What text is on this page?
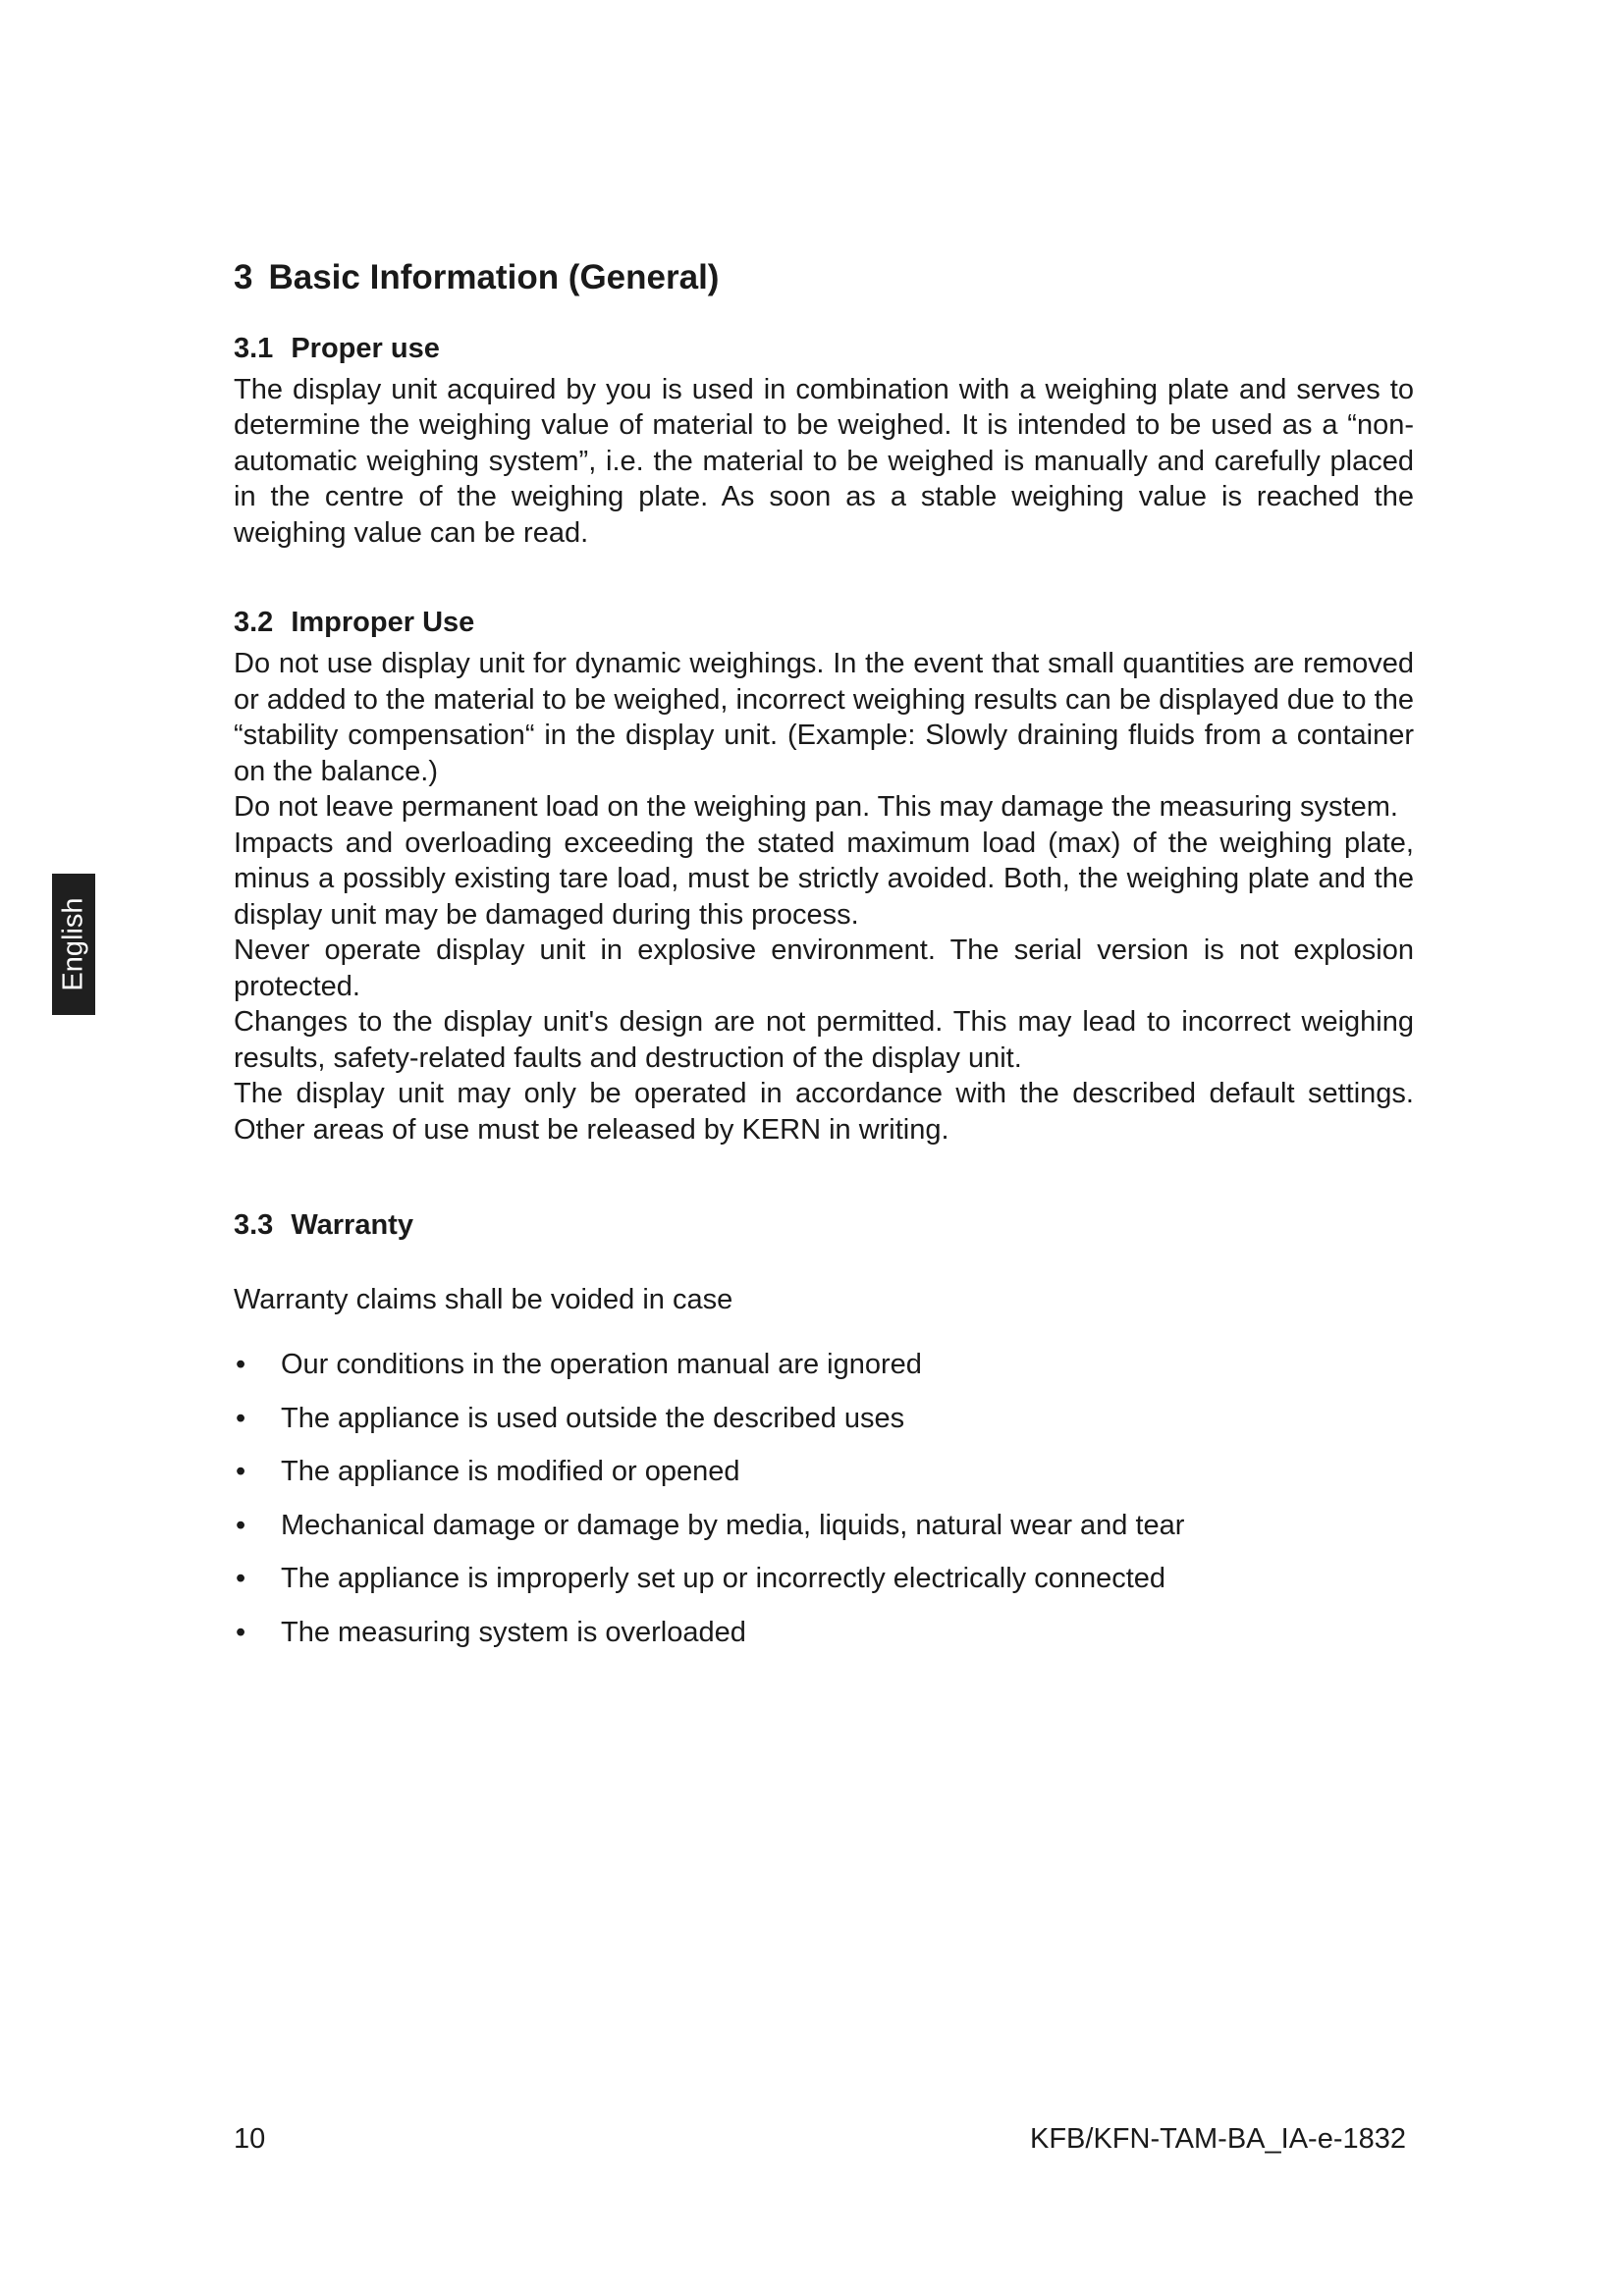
English
3 Basic Information (General)
3.1 Proper use

The display unit acquired by you is used in combination with a weighing plate and serves to determine the weighing value of material to be weighed. It is intended to be used as a “non-automatic weighing system”, i.e. the material to be weighed is manually and carefully placed in the centre of the weighing plate. As soon as a stable weighing value is reached the weighing value can be read.

3.2 Improper Use

Do not use display unit for dynamic weighings. In the event that small quantities are removed or added to the material to be weighed, incorrect weighing results can be displayed due to the “stability compensation“ in the display unit. (Example: Slowly draining fluids from a container on the balance.)

Do not leave permanent load on the weighing pan. This may damage the measuring system.

Impacts and overloading exceeding the stated maximum load (max) of the weighing plate, minus a possibly existing tare load, must be strictly avoided. Both, the weighing plate and the display unit may be damaged during this process.

Never operate display unit in explosive environment. The serial version is not explosion protected.

Changes to the display unit's design are not permitted. This may lead to incorrect weighing results, safety-related faults and destruction of the display unit.

The display unit may only be operated in accordance with the described default settings. Other areas of use must be released by KERN in writing.

3.3 Warranty

Warranty claims shall be voided in case

• Our conditions in the operation manual are ignored
• The appliance is used outside the described uses
• The appliance is modified or opened
• Mechanical damage or damage by media, liquids, natural wear and tear
• The appliance is improperly set up or incorrectly electrically connected
• The measuring system is overloaded
10	KFB/KFN-TAM-BA_IA-e-1832
